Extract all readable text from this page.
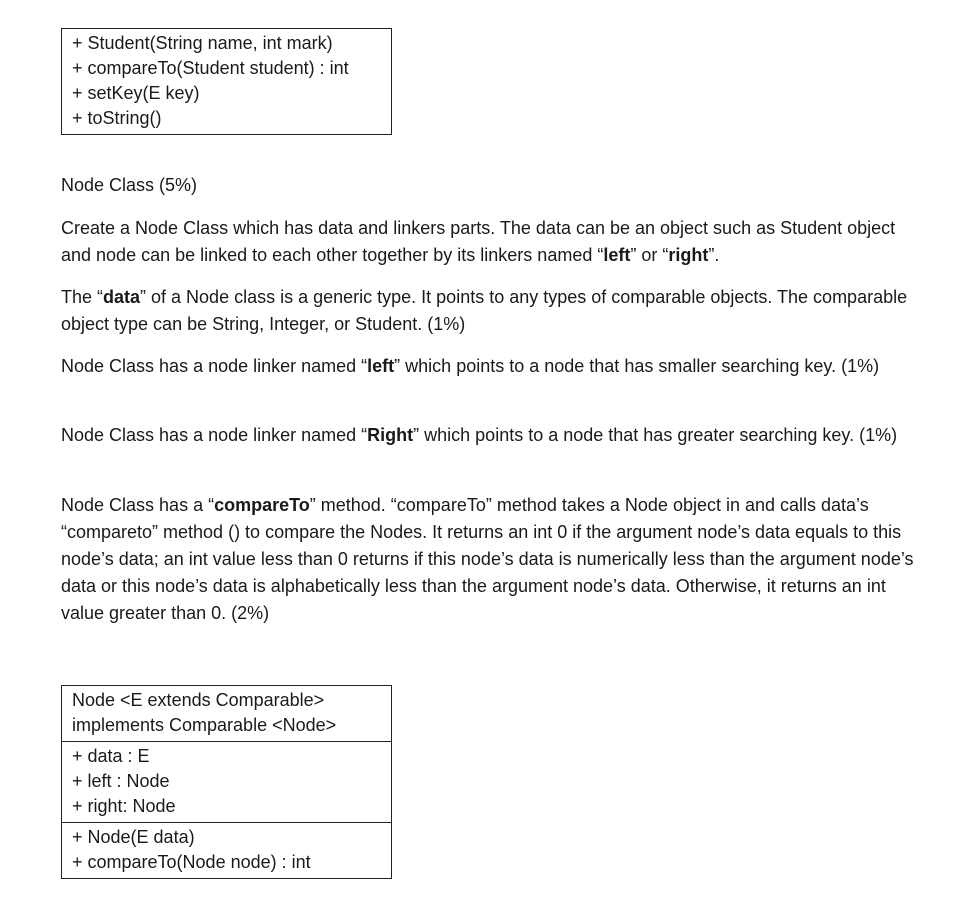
+ Student(String name, int mark)
+ compareTo(Student student) : int
+ setKey(E key)
+ toString()
Node Class (5%)
Create a Node Class which has data and linkers parts. The data can be an object such as Student object and node can be linked to each other together by its linkers named “left” or “right”.
The “data” of a Node class is a generic type. It points to any types of comparable objects. The comparable object type can be String, Integer, or Student. (1%)
Node Class has a node linker named “left” which points to a node that has smaller searching key. (1%)
Node Class has a node linker named “Right” which points to a node that has greater searching key. (1%)
Node Class has a “compareTo” method. “compareTo” method takes a Node object in and calls data’s “compareto” method () to compare the Nodes. It returns an int 0 if the argument node’s data equals to this node’s data; an int value less than 0 returns if this node’s data is numerically less than the argument node’s data or this node’s data is alphabetically less than the argument node’s data. Otherwise, it returns an int value greater than 0. (2%)
Node <E extends Comparable>
implements Comparable <Node>
+ data : E
+ left : Node
+ right: Node
+ Node(E data)
+ compareTo(Node node) : int
